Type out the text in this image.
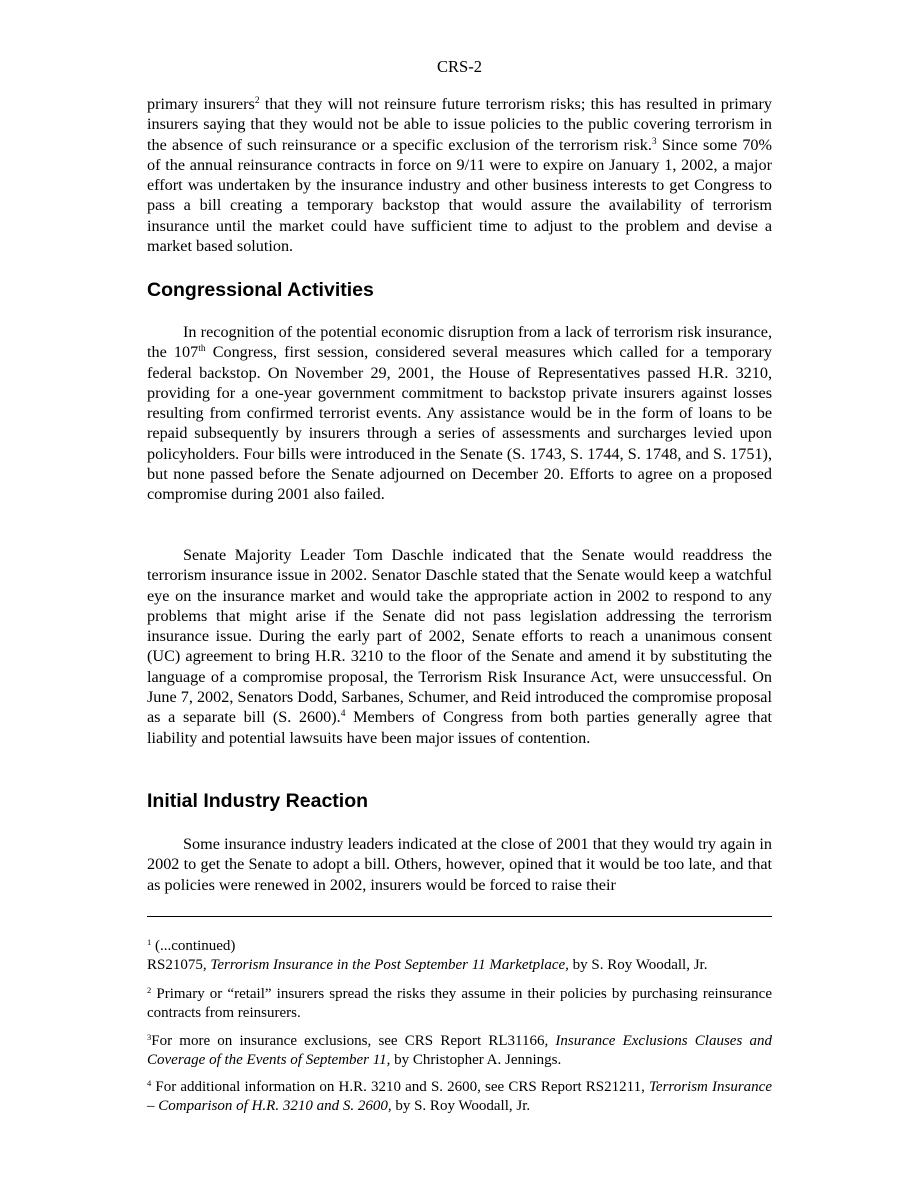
CRS-2

primary insurers$^2$ that they will not reinsure future terrorism risks; this has resulted in primary insurers saying that they would not be able to issue policies to the public covering terrorism in the absence of such reinsurance or a specific exclusion of the terrorism risk.$^3$ Since some 70% of the annual reinsurance contracts in force on 9/11 were to expire on January 1, 2002, a major effort was undertaken by the insurance industry and other business interests to get Congress to pass a bill creating a temporary backstop that would assure the availability of terrorism insurance until the market could have sufficient time to adjust to the problem and devise a market based solution.

Congressional Activities

In recognition of the potential economic disruption from a lack of terrorism risk insurance, the 107th Congress, first session, considered several measures which called for a temporary federal backstop. On November 29, 2001, the House of Representatives passed H.R. 3210, providing for a one-year government commitment to backstop private insurers against losses resulting from confirmed terrorist events. Any assistance would be in the form of loans to be repaid subsequently by insurers through a series of assessments and surcharges levied upon policyholders. Four bills were introduced in the Senate (S. 1743, S. 1744, S. 1748, and S. 1751), but none passed before the Senate adjourned on December 20. Efforts to agree on a proposed compromise during 2001 also failed.

Senate Majority Leader Tom Daschle indicated that the Senate would readdress the terrorism insurance issue in 2002. Senator Daschle stated that the Senate would keep a watchful eye on the insurance market and would take the appropriate action in 2002 to respond to any problems that might arise if the Senate did not pass legislation addressing the terrorism insurance issue. During the early part of 2002, Senate efforts to reach a unanimous consent (UC) agreement to bring H.R. 3210 to the floor of the Senate and amend it by substituting the language of a compromise proposal, the Terrorism Risk Insurance Act, were unsuccessful. On June 7, 2002, Senators Dodd, Sarbanes, Schumer, and Reid introduced the compromise proposal as a separate bill (S. 2600).$^4$ Members of Congress from both parties generally agree that liability and potential lawsuits have been major issues of contention.

Initial Industry Reaction

Some insurance industry leaders indicated at the close of 2001 that they would try again in 2002 to get the Senate to adopt a bill. Others, however, opined that it would be too late, and that as policies were renewed in 2002, insurers would be forced to raise their

$^1$ (...continued)
RS21075, Terrorism Insurance in the Post September 11 Marketplace, by S. Roy Woodall, Jr.

$^2$ Primary or “retail” insurers spread the risks they assume in their policies by purchasing reinsurance contracts from reinsurers.

$^3$For more on insurance exclusions, see CRS Report RL31166, Insurance Exclusions Clauses and Coverage of the Events of September 11, by Christopher A. Jennings.

$^4$ For additional information on H.R. 3210 and S. 2600, see CRS Report RS21211, Terrorism Insurance – Comparison of H.R. 3210 and S. 2600, by S. Roy Woodall, Jr.
